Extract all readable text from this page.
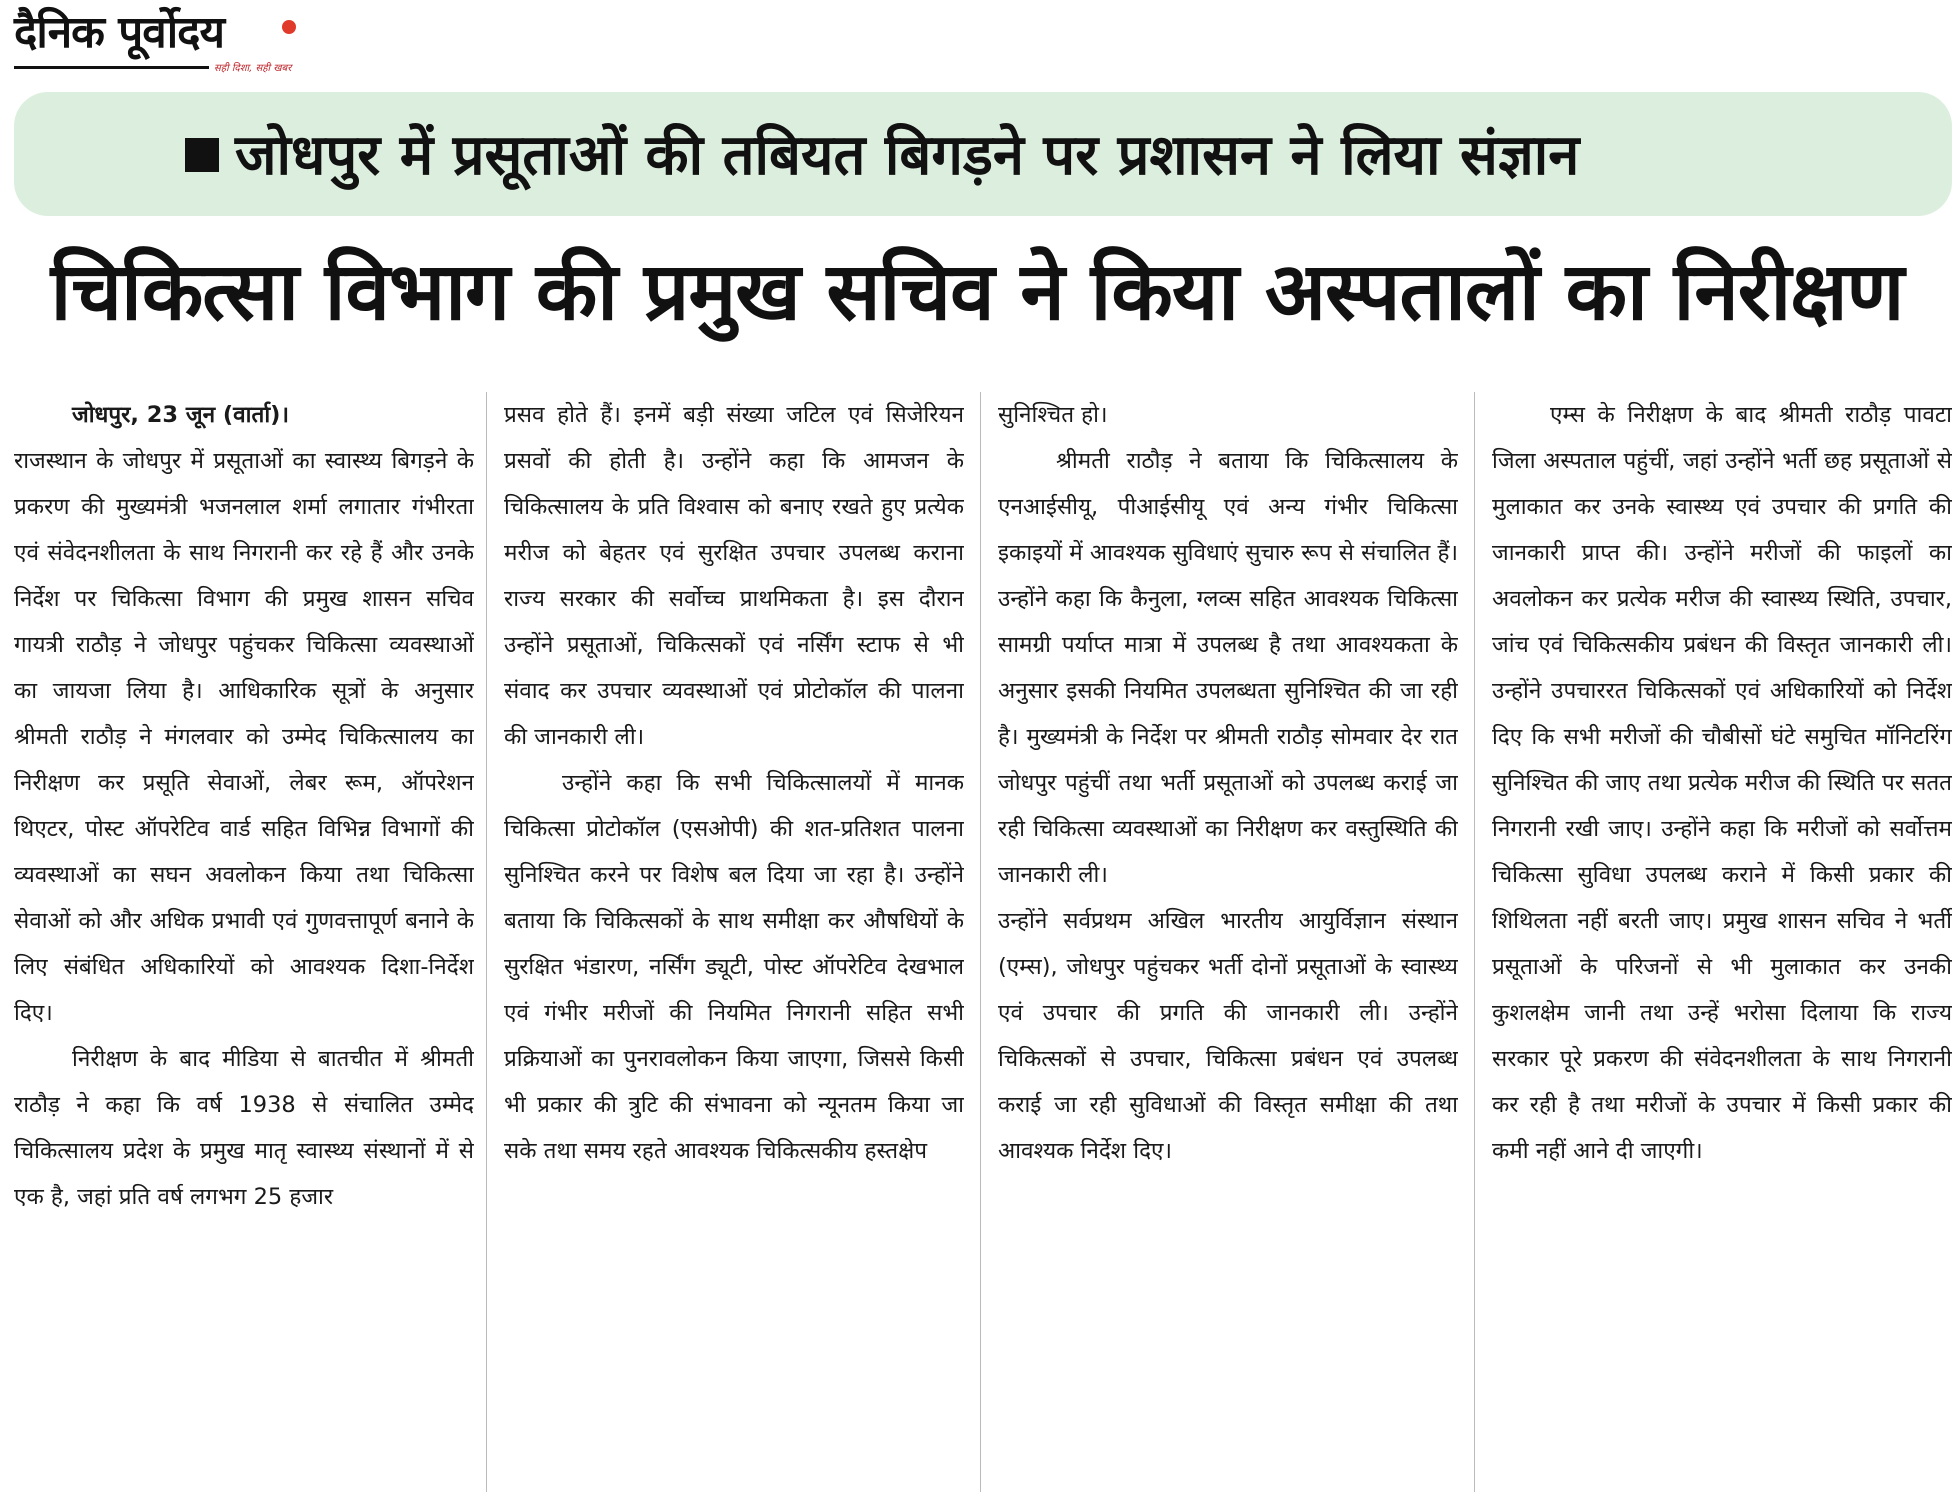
दैनिक पूर्वोदय
सही दिशा, सही खबर
जोधपुर में प्रसूताओं की तबियत बिगड़ने पर प्रशासन ने लिया संज्ञान
चिकित्सा विभाग की प्रमुख सचिव ने किया अस्पतालों का निरीक्षण

जोधपुर, 23 जून (वार्ता)।

राजस्थान के जोधपुर में प्रसूताओं का स्वास्थ्य बिगड़ने के प्रकरण की मुख्यमंत्री भजनलाल शर्मा लगातार गंभीरता एवं संवेदनशीलता के साथ निगरानी कर रहे हैं और उनके निर्देश पर चिकित्सा विभाग की प्रमुख शासन सचिव गायत्री राठौड़ ने जोधपुर पहुंचकर चिकित्सा व्यवस्थाओं का जायजा लिया है। आधिकारिक सूत्रों के अनुसार श्रीमती राठौड़ ने मंगलवार को उम्मेद चिकित्सालय का निरीक्षण कर प्रसूति सेवाओं, लेबर रूम, ऑपरेशन थिएटर, पोस्ट ऑपरेटिव वार्ड सहित विभिन्न विभागों की व्यवस्थाओं का सघन अवलोकन किया तथा चिकित्सा सेवाओं को और अधिक प्रभावी एवं गुणवत्तापूर्ण बनाने के लिए संबंधित अधिकारियों को आवश्यक दिशा-निर्देश दिए।

निरीक्षण के बाद मीडिया से बातचीत में श्रीमती राठौड़ ने कहा कि वर्ष 1938 से संचालित उम्मेद चिकित्सालय प्रदेश के प्रमुख मातृ स्वास्थ्य संस्थानों में से एक है, जहां प्रति वर्ष लगभग 25 हजार

प्रसव होते हैं। इनमें बड़ी संख्या जटिल एवं सिजेरियन प्रसवों की होती है। उन्होंने कहा कि आमजन के चिकित्सालय के प्रति विश्वास को बनाए रखते हुए प्रत्येक मरीज को बेहतर एवं सुरक्षित उपचार उपलब्ध कराना राज्य सरकार की सर्वोच्च प्राथमिकता है। इस दौरान उन्होंने प्रसूताओं, चिकित्सकों एवं नर्सिंग स्टाफ से भी संवाद कर उपचार व्यवस्थाओं एवं प्रोटोकॉल की पालना की जानकारी ली।

उन्होंने कहा कि सभी चिकित्सालयों में मानक चिकित्सा प्रोटोकॉल (एसओपी) की शत-प्रतिशत पालना सुनिश्चित करने पर विशेष बल दिया जा रहा है। उन्होंने बताया कि चिकित्सकों के साथ समीक्षा कर औषधियों के सुरक्षित भंडारण, नर्सिंग ड्यूटी, पोस्ट ऑपरेटिव देखभाल एवं गंभीर मरीजों की नियमित निगरानी सहित सभी प्रक्रियाओं का पुनरावलोकन किया जाएगा, जिससे किसी भी प्रकार की त्रुटि की संभावना को न्यूनतम किया जा सके तथा समय रहते आवश्यक चिकित्सकीय हस्तक्षेप

सुनिश्चित हो।

श्रीमती राठौड़ ने बताया कि चिकित्सालय के एनआईसीयू, पीआईसीयू एवं अन्य गंभीर चिकित्सा इकाइयों में आवश्यक सुविधाएं सुचारु रूप से संचालित हैं। उन्होंने कहा कि कैनुला, ग्लव्स सहित आवश्यक चिकित्सा सामग्री पर्याप्त मात्रा में उपलब्ध है तथा आवश्यकता के अनुसार इसकी नियमित उपलब्धता सुनिश्चित की जा रही है। मुख्यमंत्री के निर्देश पर श्रीमती राठौड़ सोमवार देर रात जोधपुर पहुंचीं तथा भर्ती प्रसूताओं को उपलब्ध कराई जा रही चिकित्सा व्यवस्थाओं का निरीक्षण कर वस्तुस्थिति की जानकारी ली।

उन्होंने सर्वप्रथम अखिल भारतीय आयुर्विज्ञान संस्थान (एम्स), जोधपुर पहुंचकर भर्ती दोनों प्रसूताओं के स्वास्थ्य एवं उपचार की प्रगति की जानकारी ली। उन्होंने चिकित्सकों से उपचार, चिकित्सा प्रबंधन एवं उपलब्ध कराई जा रही सुविधाओं की विस्तृत समीक्षा की तथा आवश्यक निर्देश दिए।

एम्स के निरीक्षण के बाद श्रीमती राठौड़ पावटा जिला अस्पताल पहुंचीं, जहां उन्होंने भर्ती छह प्रसूताओं से मुलाकात कर उनके स्वास्थ्य एवं उपचार की प्रगति की जानकारी प्राप्त की। उन्होंने मरीजों की फाइलों का अवलोकन कर प्रत्येक मरीज की स्वास्थ्य स्थिति, उपचार, जांच एवं चिकित्सकीय प्रबंधन की विस्तृत जानकारी ली। उन्होंने उपचाररत चिकित्सकों एवं अधिकारियों को निर्देश दिए कि सभी मरीजों की चौबीसों घंटे समुचित मॉनिटरिंग सुनिश्चित की जाए तथा प्रत्येक मरीज की स्थिति पर सतत निगरानी रखी जाए। उन्होंने कहा कि मरीजों को सर्वोत्तम चिकित्सा सुविधा उपलब्ध कराने में किसी प्रकार की शिथिलता नहीं बरती जाए। प्रमुख शासन सचिव ने भर्ती प्रसूताओं के परिजनों से भी मुलाकात कर उनकी कुशलक्षेम जानी तथा उन्हें भरोसा दिलाया कि राज्य सरकार पूरे प्रकरण की संवेदनशीलता के साथ निगरानी कर रही है तथा मरीजों के उपचार में किसी प्रकार की कमी नहीं आने दी जाएगी।
